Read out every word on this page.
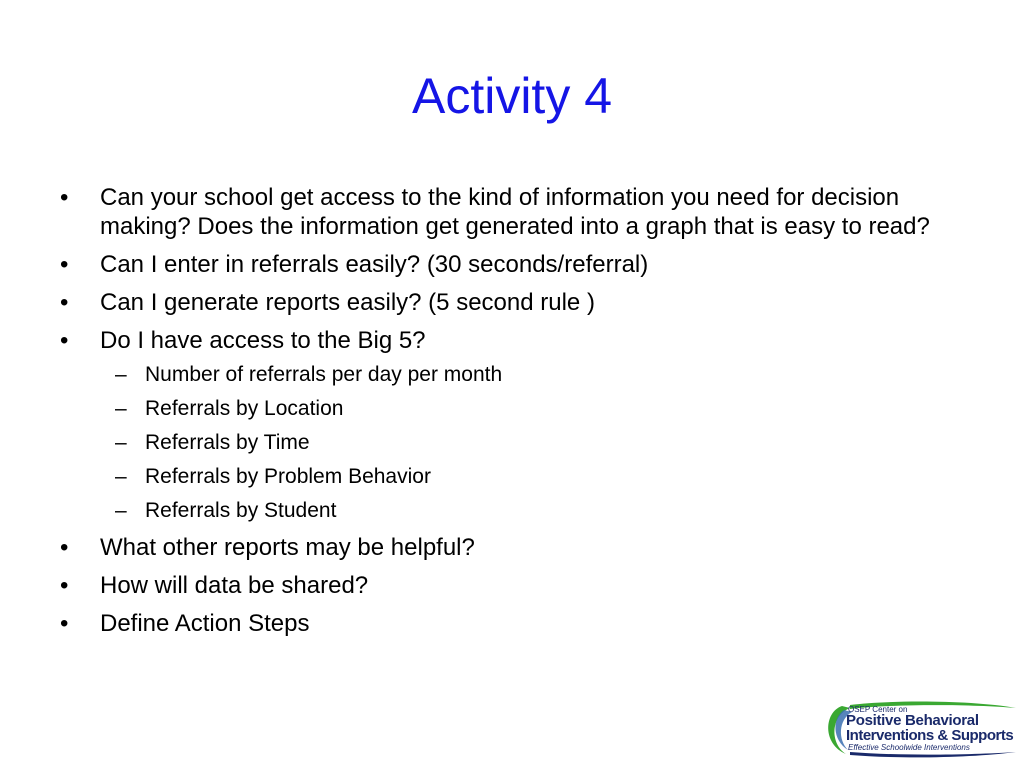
Activity 4
•	Can your school get access to the kind of information you need for decision making? Does the information get generated into a graph that is easy to read?
•	Can I enter in referrals easily? (30 seconds/referral)
•	Can I generate reports easily? (5 second rule )
•	Do I have access to the Big 5?
– Number of referrals per day per month
– Referrals by Location
– Referrals by Time
– Referrals by Problem Behavior
– Referrals by Student
•	What other reports may be helpful?
•	How will data be shared?
•	Define Action Steps
OSEP Center on
Positive Behavioral
Interventions & Supports
Effective Schoolwide Interventions
